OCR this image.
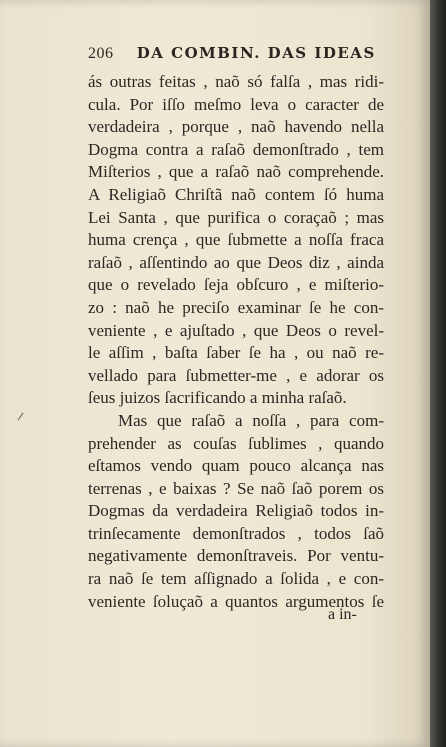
206 DA COMBIN. DAS IDEAS
ás outras feitas , naõ só falſa , mas ridi-
cula. Por iſſo meſmo leva o caracter de
verdadeira , porque , naõ havendo nella
Dogma contra a raſaõ demonſtrado , tem
Miſterios , que a raſaõ naõ comprehende.
A Religiaõ Chriſtã naõ contem ſó huma
Lei Santa , que purifica o coraçaõ ; mas
huma crença , que ſubmette a noſſa fraca
raſaõ , aſſentindo ao que Deos diz , ainda
que o revelado ſeja obſcuro , e miſterio-
zo : naõ he preciſo examinar ſe he con-
veniente , e ajuſtado , que Deos o revel-
le aſſim , baſta ſaber ſe ha , ou naõ re-
vellado para ſubmetter-me , e adorar os
ſeus juizos ſacrificando a minha raſaõ.
Mas que raſaõ a noſſa , para com-
prehender as couſas ſublimes , quando
eſtamos vendo quam pouco alcança nas
terrenas , e baixas ? Se naõ ſaõ porem os
Dogmas da verdadeira Religiaõ todos in-
trinſecamente demonſtrados , todos ſaõ
negativamente demonſtraveis. Por ventu-
ra naõ ſe tem aſſignado a ſolida , e con-
veniente ſoluçaõ a quantos argumentos ſe
a in-
